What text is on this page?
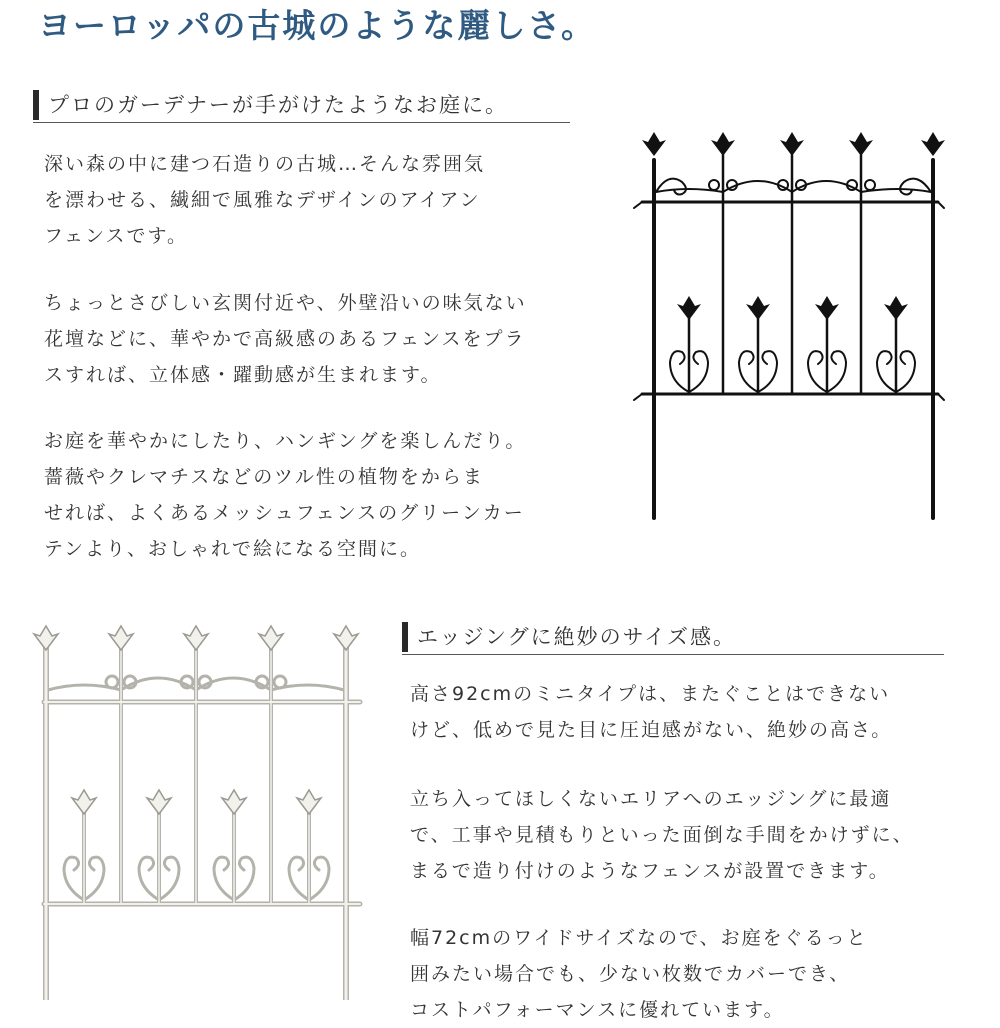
ヨーロッパの古城のような麗しさ。
プロのガーデナーが手がけたようなお庭に。
深い森の中に建つ石造りの古城…そんな雰囲気
を漂わせる、繊細で風雅なデザインのアイアン
フェンスです。
ちょっとさびしい玄関付近や、外壁沿いの味気ない
花壇などに、華やかで高級感のあるフェンスをプラ
スすれば、立体感・躍動感が生まれます。
お庭を華やかにしたり、ハンギングを楽しんだり。
薔薇やクレマチスなどのツル性の植物をからま
せれば、よくあるメッシュフェンスのグリーンカー
テンより、おしゃれで絵になる空間に。
エッジングに絶妙のサイズ感。
高さ92cmのミニタイプは、またぐことはできない
けど、低めで見た目に圧迫感がない、絶妙の高さ。
立ち入ってほしくないエリアへのエッジングに最適
で、工事や見積もりといった面倒な手間をかけずに、
まるで造り付けのようなフェンスが設置できます。
幅72cmのワイドサイズなので、お庭をぐるっと
囲みたい場合でも、少ない枚数でカバーでき、
コストパフォーマンスに優れています。
